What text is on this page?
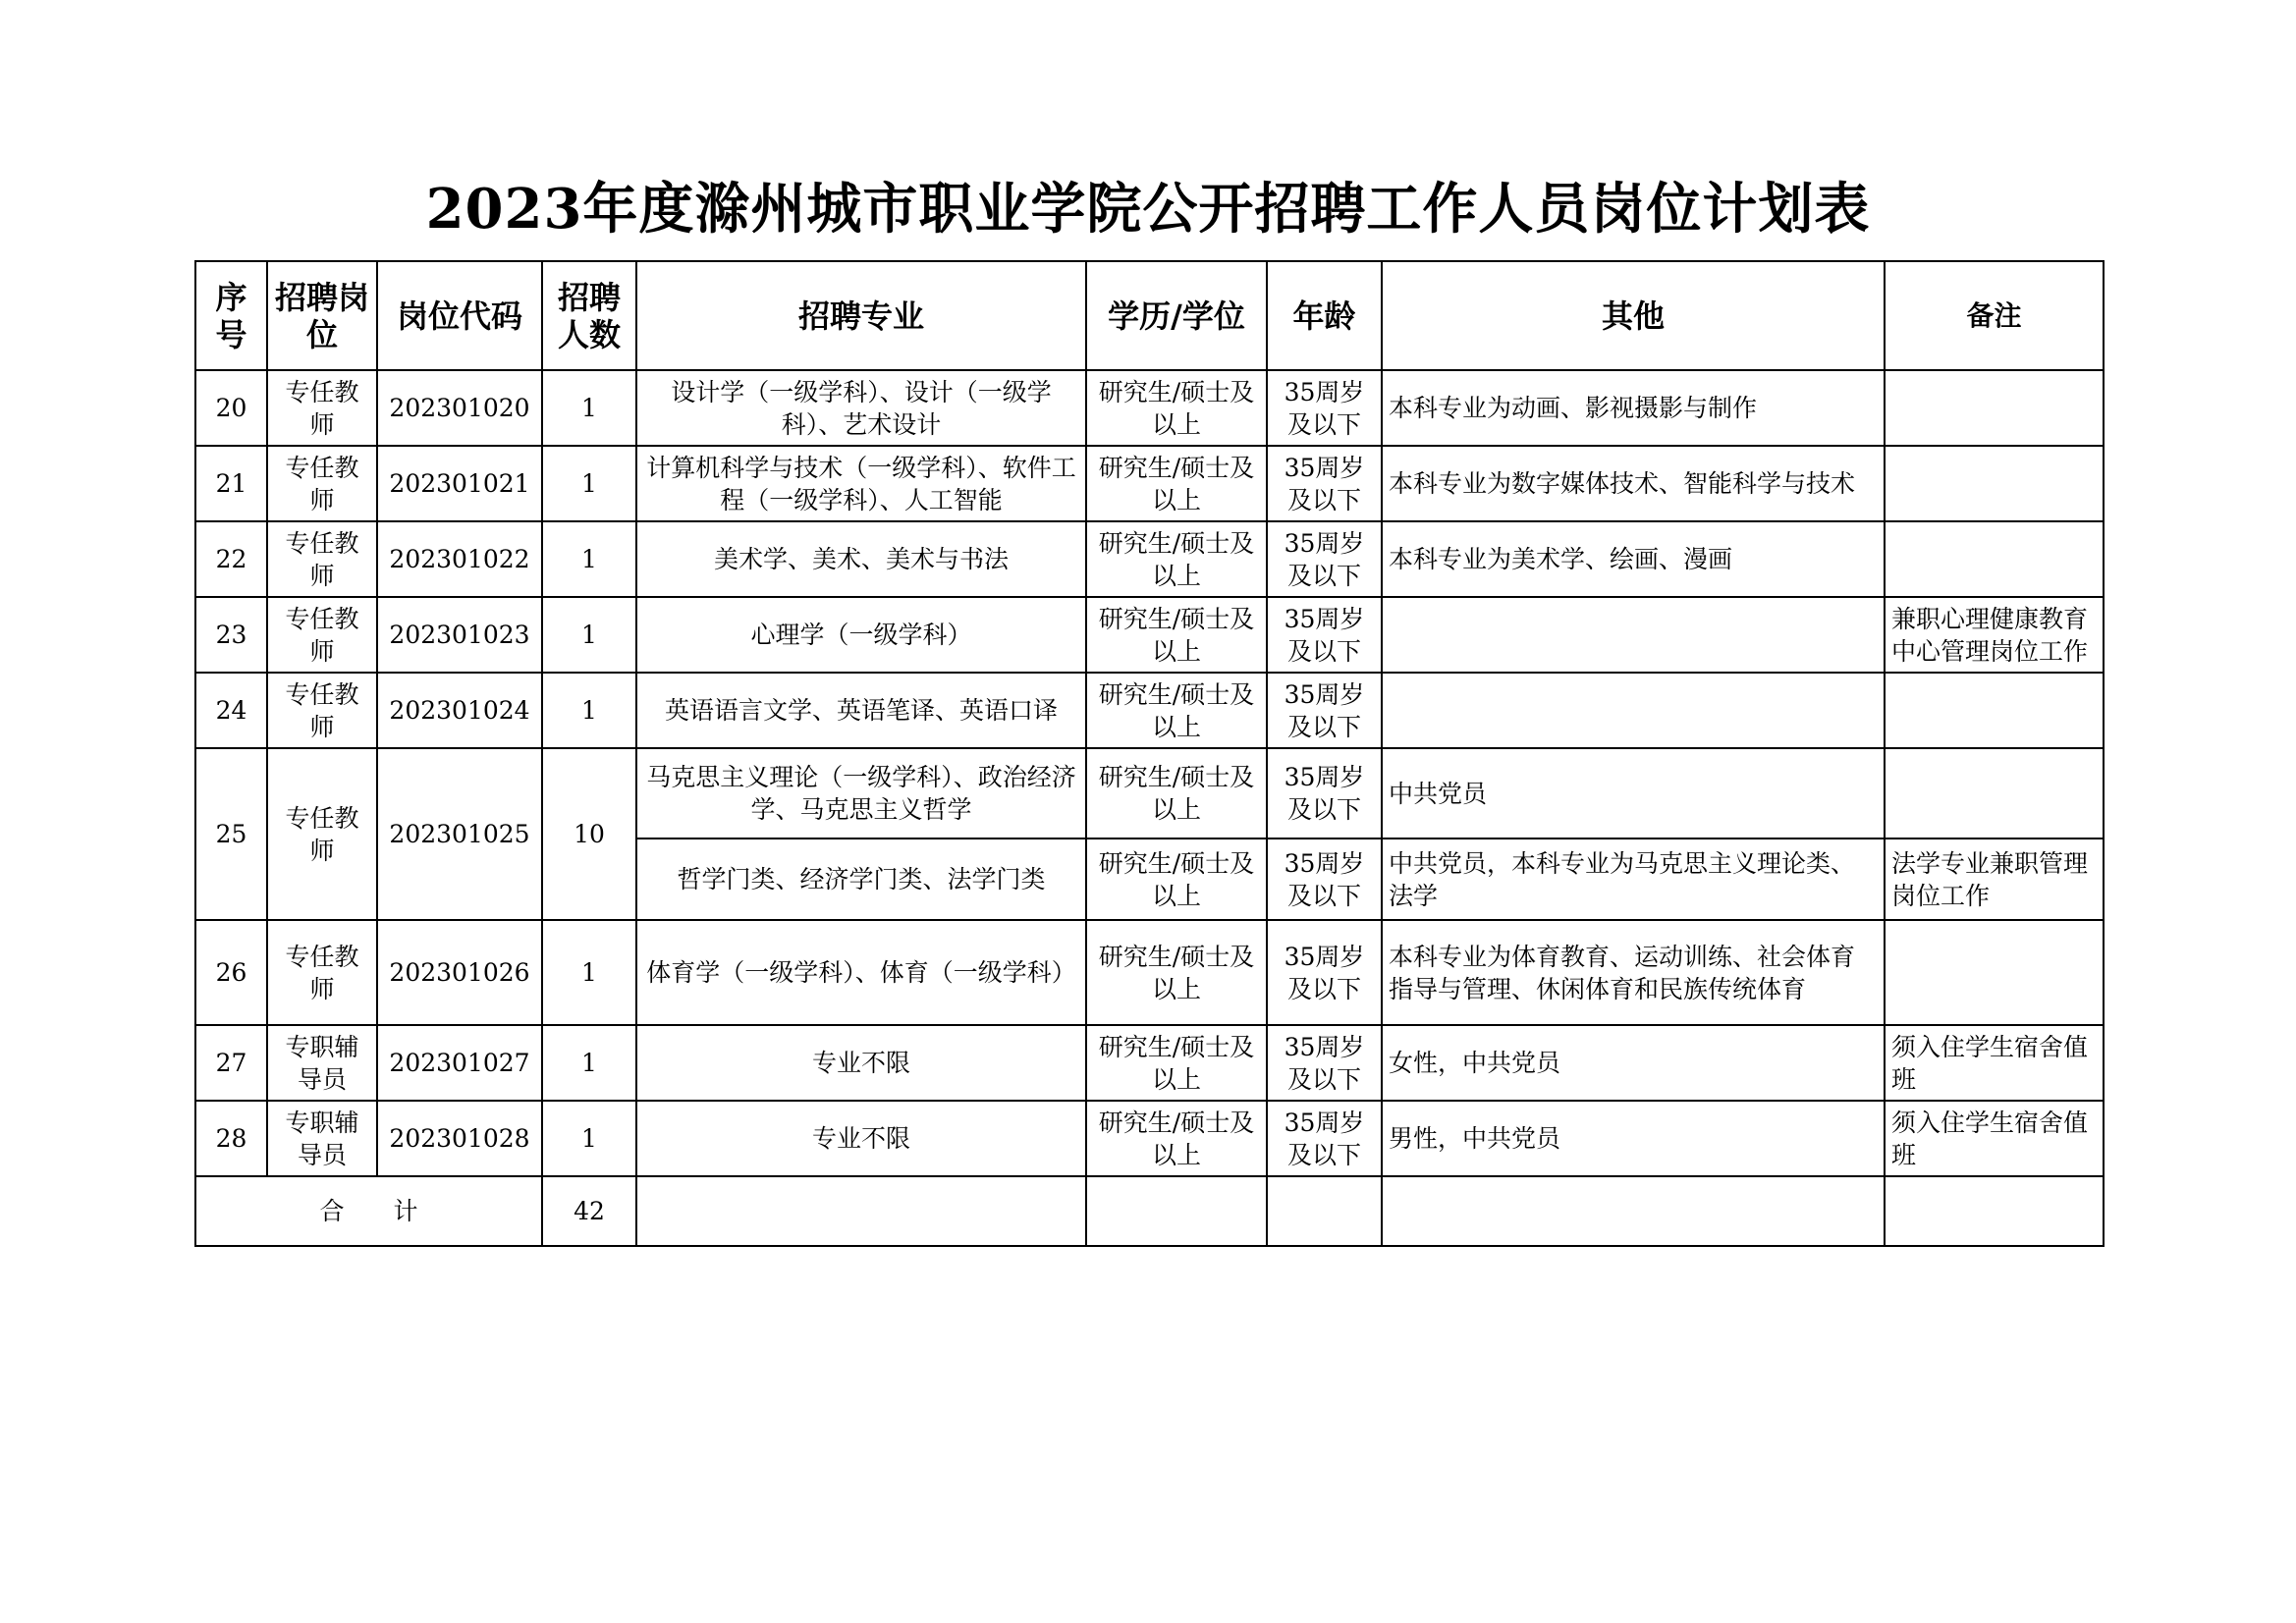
2023年度滁州城市职业学院公开招聘工作人员岗位计划表
序号	招聘岗位	岗位代码	招聘人数	招聘专业	学历/学位	年龄	其他	备注
20	专任教师	202301020	1	设计学（一级学科）、设计（一级学科）、艺术设计	研究生/硕士及以上	35周岁及以下	本科专业为动画、影视摄影与制作	
21	专任教师	202301021	1	计算机科学与技术（一级学科）、软件工程（一级学科）、人工智能	研究生/硕士及以上	35周岁及以下	本科专业为数字媒体技术、智能科学与技术	
22	专任教师	202301022	1	美术学、美术、美术与书法	研究生/硕士及以上	35周岁及以下	本科专业为美术学、绘画、漫画	
23	专任教师	202301023	1	心理学（一级学科）	研究生/硕士及以上	35周岁及以下		兼职心理健康教育中心管理岗位工作
24	专任教师	202301024	1	英语语言文学、英语笔译、英语口译	研究生/硕士及以上	35周岁及以下		
25	专任教师	202301025	10	马克思主义理论（一级学科）、政治经济学、马克思主义哲学	研究生/硕士及以上	35周岁及以下	中共党员	
				哲学门类、经济学门类、法学门类	研究生/硕士及以上	35周岁及以下	中共党员，本科专业为马克思主义理论类、法学	法学专业兼职管理岗位工作
26	专任教师	202301026	1	体育学（一级学科）、体育（一级学科）	研究生/硕士及以上	35周岁及以下	本科专业为体育教育、运动训练、社会体育指导与管理、休闲体育和民族传统体育	
27	专职辅导员	202301027	1	专业不限	研究生/硕士及以上	35周岁及以下	女性，中共党员	须入住学生宿舍值班
28	专职辅导员	202301028	1	专业不限	研究生/硕士及以上	35周岁及以下	男性，中共党员	须入住学生宿舍值班
合　　计			42					
